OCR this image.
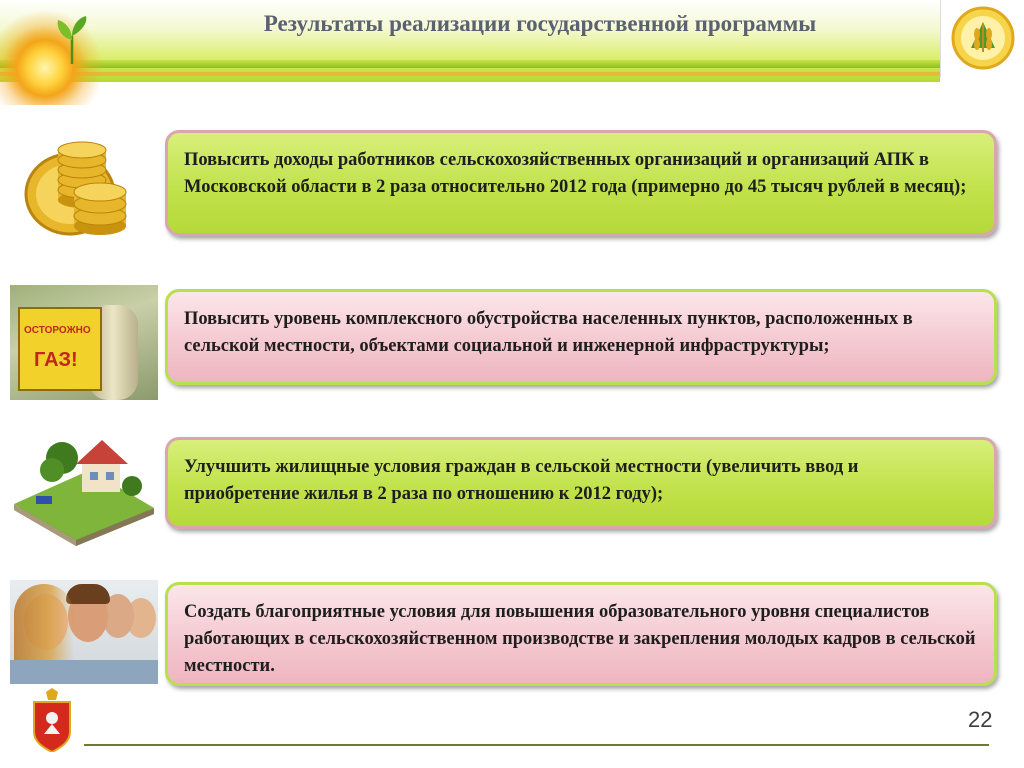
Результаты реализации государственной программы
Повысить доходы работников сельскохозяйственных организаций и организаций АПК в Московской области в 2 раза относительно 2012 года (примерно до 45 тысяч рублей в месяц);
ОСТОРОЖНО
ГАЗ!
Повысить уровень комплексного обустройства населенных пунктов, расположенных в сельской местности, объектами социальной и инженерной инфраструктуры;
Улучшить жилищные условия граждан в сельской местности (увеличить ввод и приобретение жилья в 2 раза по отношению к 2012 году);
Создать благоприятные условия для повышения образовательного уровня специалистов работающих в сельскохозяйственном производстве и закрепления молодых кадров в сельской местности.
22
